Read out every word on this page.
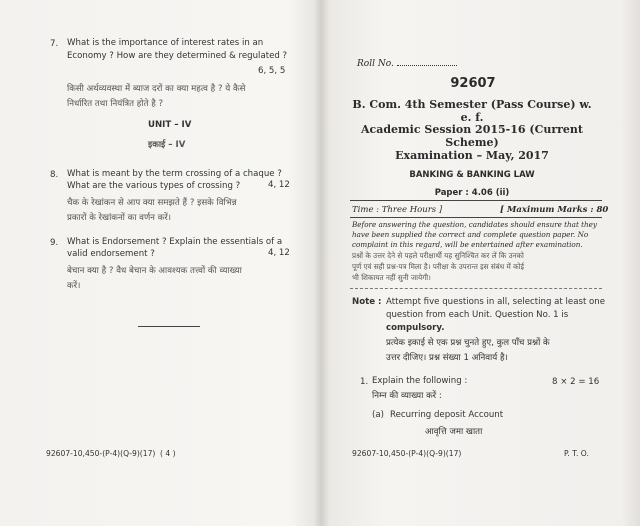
7. What is the importance of interest rates in an
Economy ? How are they determined & regulated ?
6, 5, 5
किसी अर्थव्यवस्था में ब्याज दरों का क्या महत्व है ? ये कैसे
निर्धारित तथा नियंत्रित होते है ?
UNIT – IV
इकाई – IV
8. What is meant by the term crossing of a chaque ?
What are the various types of crossing ?	4, 12
चैक के रेखांकन से आप क्या समझते हैं ? इसके विभिन्न
प्रकारों के रेखांकनों का वर्णन करें।
9. What is Endorsement ? Explain the essentials of a
valid endorsement ?	4, 12
बेचान क्या है ? वैध बेचान के आवश्यक तत्त्वों की व्याख्या
करें।
92607-10,450-(P-4)(Q-9)(17) ( 4 )
Roll No.
92607
B. Com. 4th Semester (Pass Course) w. e. f.
Academic Session 2015-16 (Current Scheme)
Examination – May, 2017
BANKING & BANKING LAW
Paper : 4.06 (ii)
Time : Three Hours ]	[ Maximum Marks : 80
Before answering the question, candidates should ensure that they
have been supplied the correct and complete question paper. No
complaint in this regard, will be entertained after examination.
प्रश्नों के उत्तर देने से पहले परीक्षार्थी यह सुनिश्चित कर लें कि उनको
पूर्ण एवं सही प्रश्न-पत्र मिला है। परीक्षा के उपरान्त इस संबंध में कोई
भी शिकायत नहीं सुनी जायेगी।
Note : Attempt five questions in all, selecting at least one
question from each Unit. Question No. 1 is
compulsory.
प्रत्येक इकाई से एक प्रश्न चुनते हुए, कुल पाँच प्रश्नों के
उत्तर दीजिए। प्रश्न संख्या 1 अनिवार्य है।
1. Explain the following :	8 × 2 = 16
निम्न की व्याख्या करें :
(a) Recurring deposit Account
आवृत्ति जमा खाता
92607-10,450-(P-4)(Q-9)(17)	P. T. O.
